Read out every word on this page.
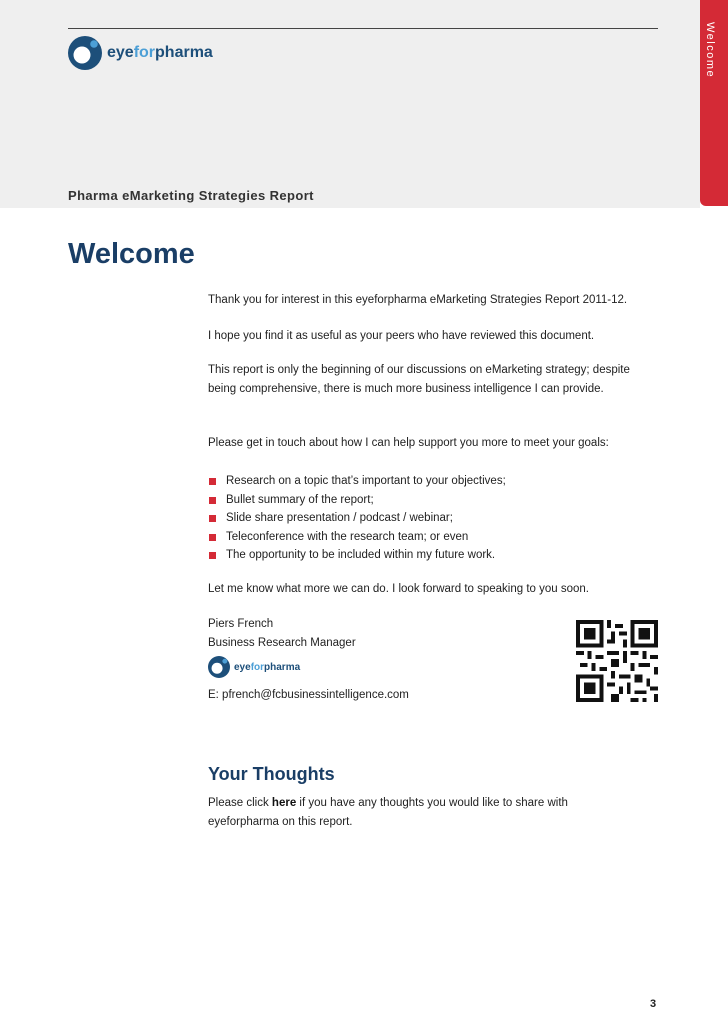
Welcome
eyeforpharma
Pharma eMarketing Strategies Report
Welcome

Thank you for interest in this eyeforpharma eMarketing Strategies Report 2011-12.

I hope you find it as useful as your peers who have reviewed this document.

This report is only the beginning of our discussions on eMarketing strategy; despite being comprehensive, there is much more business intelligence I can provide.

Please get in touch about how I can help support you more to meet your goals:

Research on a topic that’s important to your objectives;
Bullet summary of the report;
Slide share presentation / podcast / webinar;
Teleconference with the research team; or even
The opportunity to be included within my future work.

Let me know what more we can do. I look forward to speaking to you soon.

Piers French

Business Research Manager

eyeforpharma

E: pfrench@fcbusinessintelligence.com

Your Thoughts

Please click here if you have any thoughts you would like to share with eyeforpharma on this report.

3
